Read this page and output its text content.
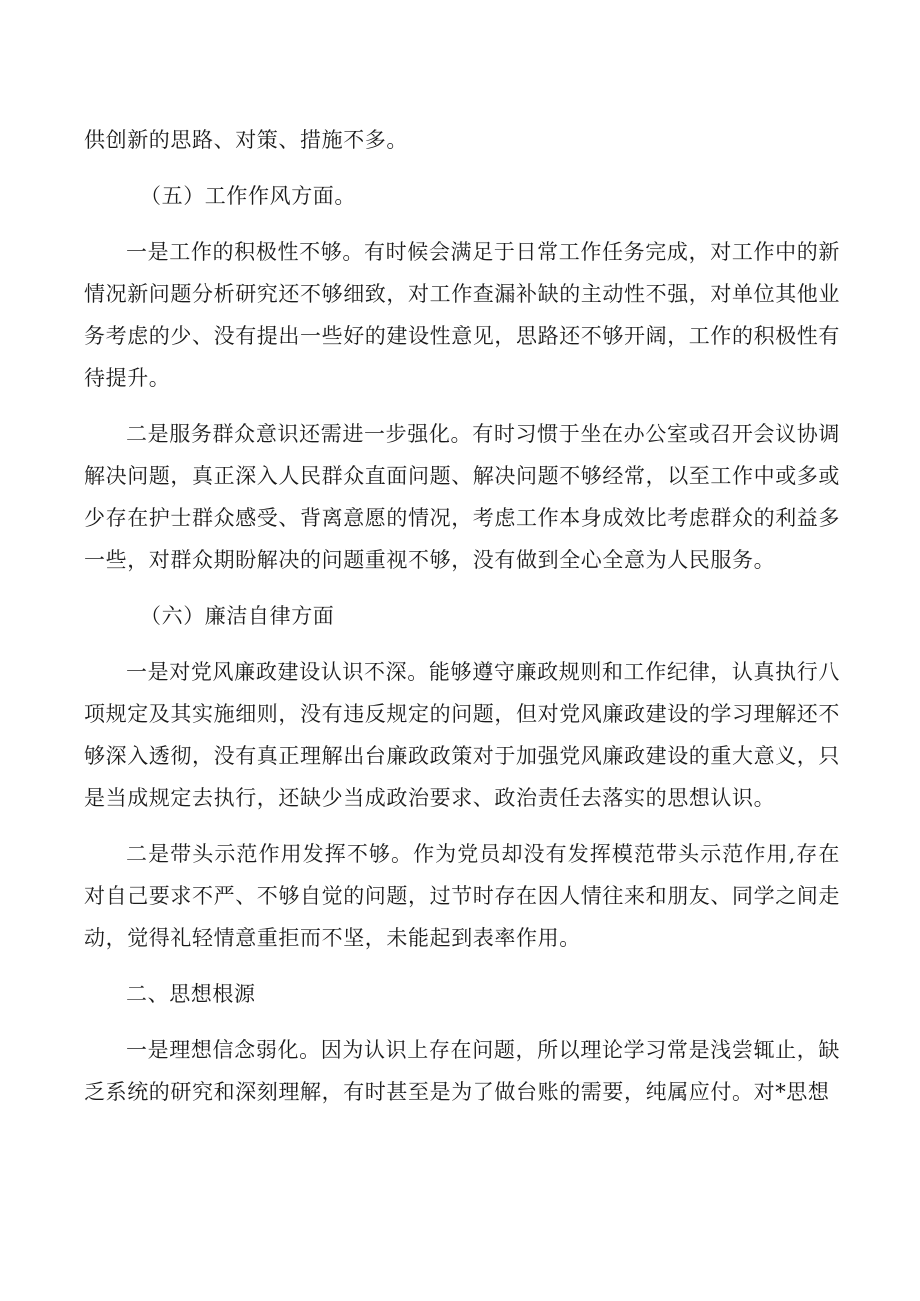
供创新的思路、对策、措施不多。

（五）工作作风方面。

一是工作的积极性不够。有时候会满足于日常工作任务完成，对工作中的新情况新问题分析研究还不够细致，对工作查漏补缺的主动性不强，对单位其他业务考虑的少、没有提出一些好的建设性意见，思路还不够开阔，工作的积极性有待提升。

二是服务群众意识还需进一步强化。有时习惯于坐在办公室或召开会议协调解决问题，真正深入人民群众直面问题、解决问题不够经常，以至工作中或多或少存在护士群众感受、背离意愿的情况，考虑工作本身成效比考虑群众的利益多一些，对群众期盼解决的问题重视不够，没有做到全心全意为人民服务。

（六）廉洁自律方面

一是对党风廉政建设认识不深。能够遵守廉政规则和工作纪律，认真执行八项规定及其实施细则，没有违反规定的问题，但对党风廉政建设的学习理解还不够深入透彻，没有真正理解出台廉政政策对于加强党风廉政建设的重大意义，只是当成规定去执行，还缺少当成政治要求、政治责任去落实的思想认识。

二是带头示范作用发挥不够。作为党员却没有发挥模范带头示范作用,存在对自己要求不严、不够自觉的问题，过节时存在因人情往来和朋友、同学之间走动，觉得礼轻情意重拒而不坚，未能起到表率作用。

二、思想根源

一是理想信念弱化。因为认识上存在问题，所以理论学习常是浅尝辄止，缺乏系统的研究和深刻理解，有时甚至是为了做台账的需要，纯属应付。对*思想
